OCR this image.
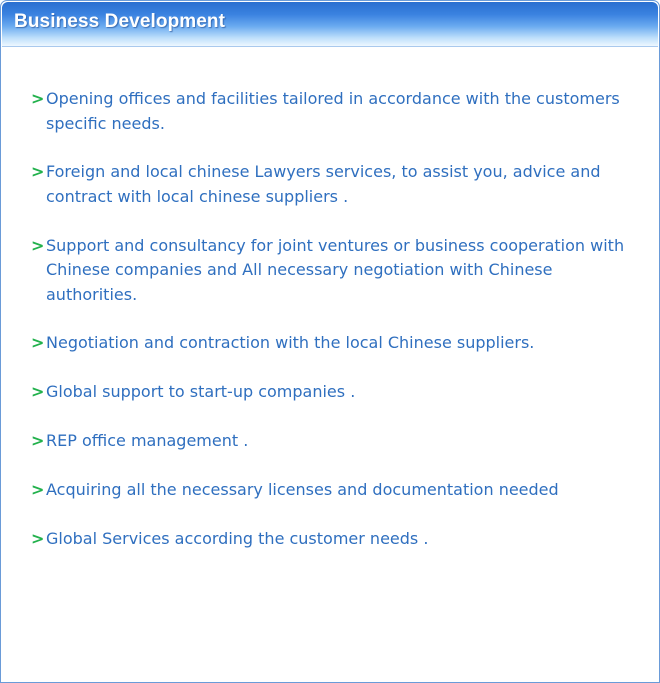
Business Development
> Opening offices and facilities tailored in accordance with the customers specific needs.
> Foreign and local chinese Lawyers services, to assist you, advice and contract with local chinese suppliers .
> Support and consultancy for joint ventures or business cooperation with Chinese companies and All necessary negotiation with Chinese authorities.
> Negotiation and contraction with the local Chinese suppliers.
> Global support to start-up companies .
> REP office management .
> Acquiring all the necessary licenses and documentation needed
> Global Services according the customer needs .
